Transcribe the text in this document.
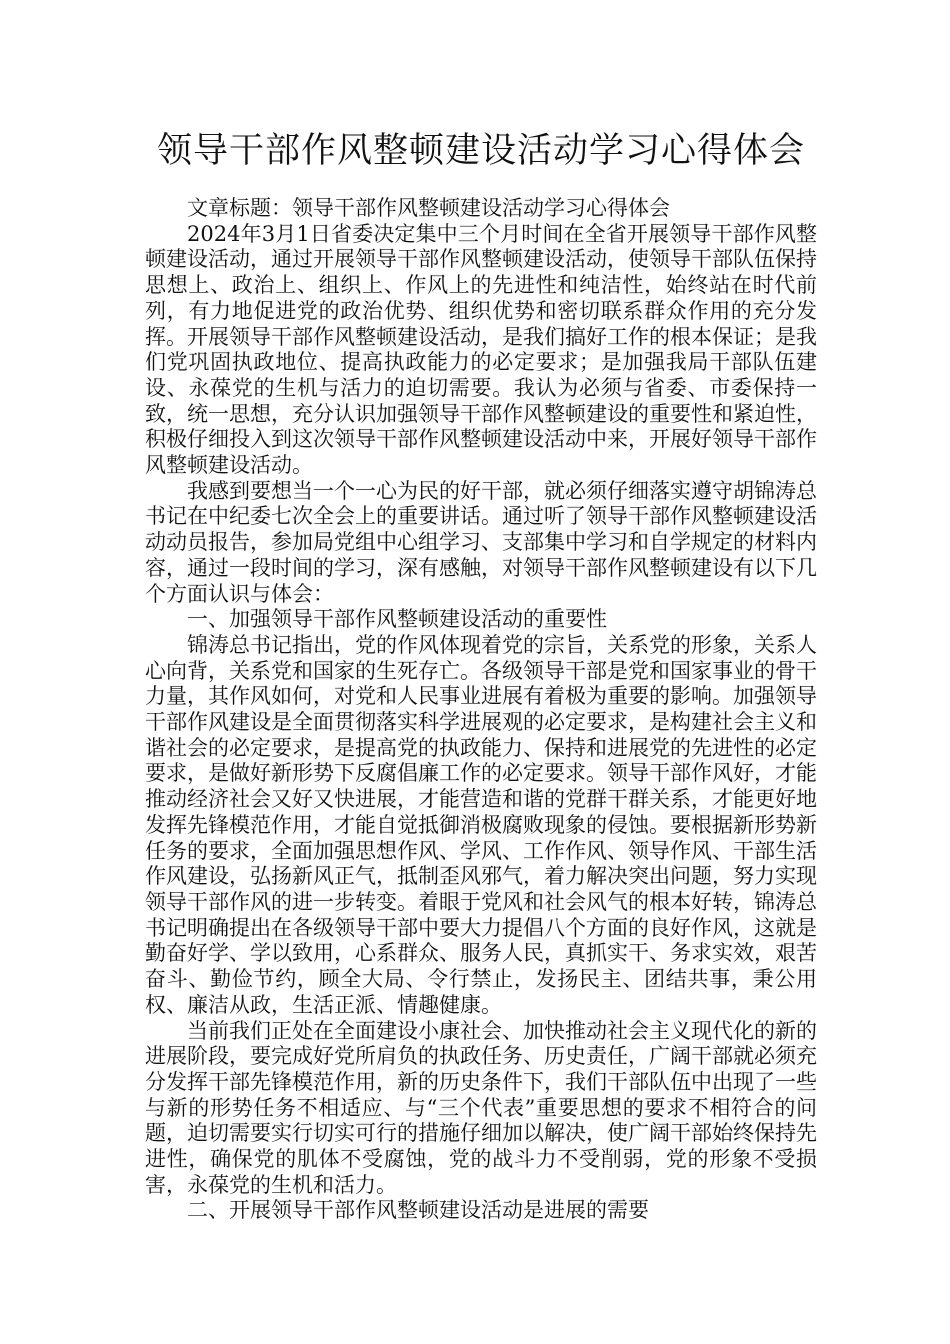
领导干部作风整顿建设活动学习心得体会

文章标题：领导干部作风整顿建设活动学习心得体会

2024年3月1日省委决定集中三个月时间在全省开展领导干部作风整顿建设活动，通过开展领导干部作风整顿建设活动，使领导干部队伍保持思想上、政治上、组织上、作风上的先进性和纯洁性，始终站在时代前列，有力地促进党的政治优势、组织优势和密切联系群众作用的充分发挥。开展领导干部作风整顿建设活动，是我们搞好工作的根本保证；是我们党巩固执政地位、提高执政能力的必定要求；是加强我局干部队伍建设、永葆党的生机与活力的迫切需要。我认为必须与省委、市委保持一致，统一思想，充分认识加强领导干部作风整顿建设的重要性和紧迫性，积极仔细投入到这次领导干部作风整顿建设活动中来，开展好领导干部作风整顿建设活动。

我感到要想当一个一心为民的好干部，就必须仔细落实遵守胡锦涛总书记在中纪委七次全会上的重要讲话。通过听了领导干部作风整顿建设活动动员报告，参加局党组中心组学习、支部集中学习和自学规定的材料内容，通过一段时间的学习，深有感触，对领导干部作风整顿建设有以下几个方面认识与体会：

一、加强领导干部作风整顿建设活动的重要性

锦涛总书记指出，党的作风体现着党的宗旨，关系党的形象，关系人心向背，关系党和国家的生死存亡。各级领导干部是党和国家事业的骨干力量，其作风如何，对党和人民事业进展有着极为重要的影响。加强领导干部作风建设是全面贯彻落实科学进展观的必定要求，是构建社会主义和谐社会的必定要求，是提高党的执政能力、保持和进展党的先进性的必定要求，是做好新形势下反腐倡廉工作的必定要求。领导干部作风好，才能推动经济社会又好又快进展，才能营造和谐的党群干群关系，才能更好地发挥先锋模范作用，才能自觉抵御消极腐败现象的侵蚀。要根据新形势新任务的要求，全面加强思想作风、学风、工作作风、领导作风、干部生活作风建设，弘扬新风正气，抵制歪风邪气，着力解决突出问题，努力实现领导干部作风的进一步转变。着眼于党风和社会风气的根本好转，锦涛总书记明确提出在各级领导干部中要大力提倡八个方面的良好作风，这就是勤奋好学、学以致用，心系群众、服务人民，真抓实干、务求实效，艰苦奋斗、勤俭节约，顾全大局、令行禁止，发扬民主、团结共事，秉公用权、廉洁从政，生活正派、情趣健康。

当前我们正处在全面建设小康社会、加快推动社会主义现代化的新的进展阶段，要完成好党所肩负的执政任务、历史责任，广阔干部就必须充分发挥干部先锋模范作用，新的历史条件下，我们干部队伍中出现了一些与新的形势任务不相适应、与“三个代表”重要思想的要求不相符合的问题，迫切需要实行切实可行的措施仔细加以解决，使广阔干部始终保持先进性，确保党的肌体不受腐蚀，党的战斗力不受削弱，党的形象不受损害，永葆党的生机和活力。

二、开展领导干部作风整顿建设活动是进展的需要
